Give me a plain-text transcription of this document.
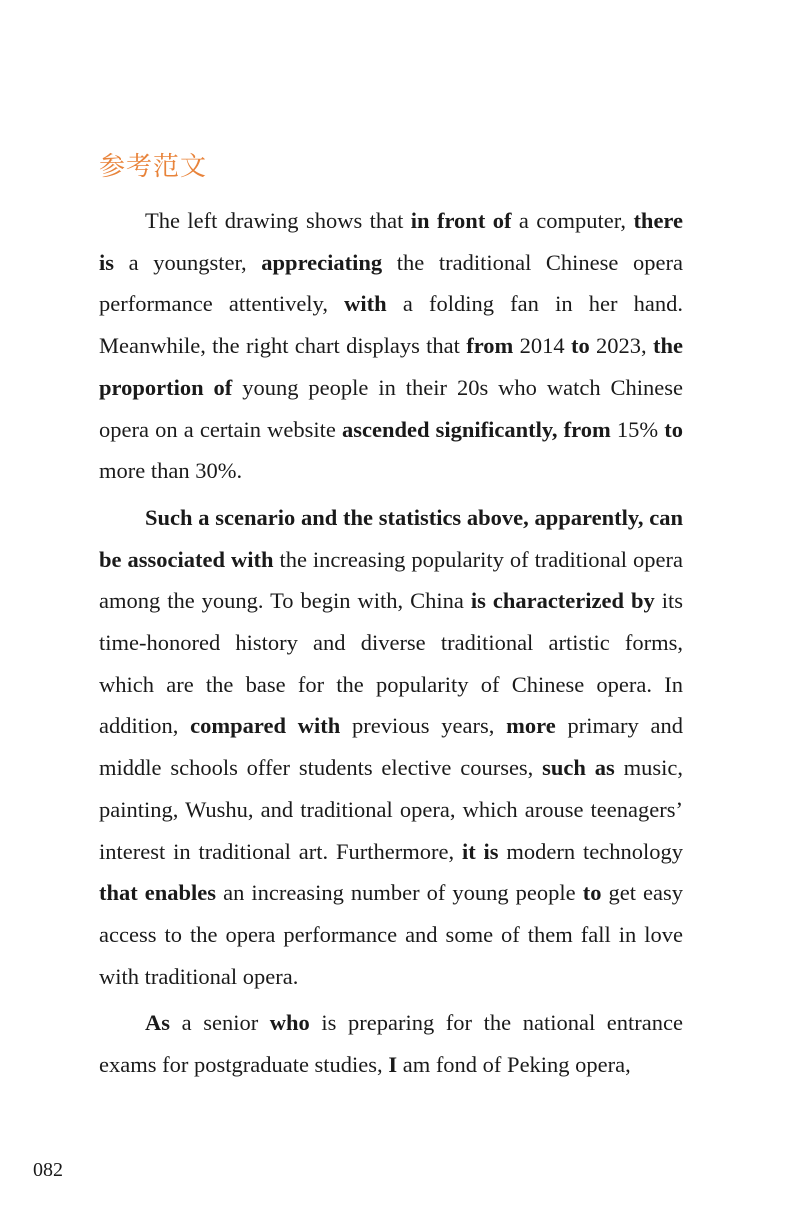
参考范文

The left drawing shows that in front of a computer, there is a youngster, appreciating the traditional Chinese opera performance attentively, with a folding fan in her hand. Meanwhile, the right chart displays that from 2014 to 2023, the proportion of young people in their 20s who watch Chinese opera on a certain website ascended significantly, from 15% to more than 30%.

Such a scenario and the statistics above, apparently, can be associated with the increasing popularity of traditional opera among the young. To begin with, China is characterized by its time-honored history and diverse traditional artistic forms, which are the base for the popularity of Chinese opera. In addition, compared with previous years, more primary and middle schools offer students elective courses, such as music, painting, Wushu, and traditional opera, which arouse teenagers’ interest in traditional art. Furthermore, it is modern technology that enables an increasing number of young people to get easy access to the opera performance and some of them fall in love with traditional opera.

As a senior who is preparing for the national entrance exams for postgraduate studies, I am fond of Peking opera,

082
